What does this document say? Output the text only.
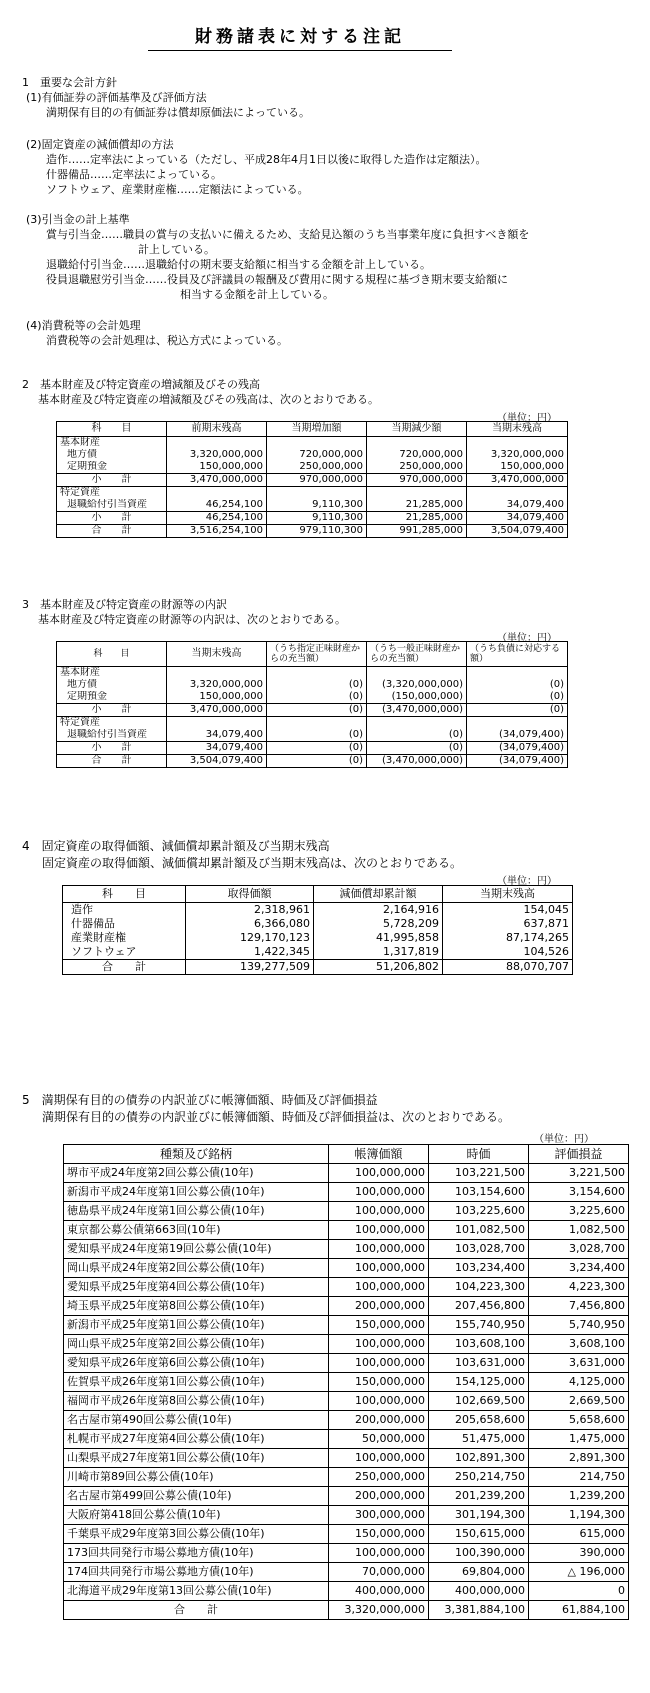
財務諸表に対する注記
1　重要な会計方針
(1)有価証券の評価基準及び評価方法
満期保有目的の有価証券は償却原価法によっている。
(2)固定資産の減価償却の方法
造作……定率法によっている（ただし、平成28年4月1日以後に取得した造作は定額法）。
什器備品……定率法によっている。
ソフトウェア、産業財産権……定額法によっている。
(3)引当金の計上基準
賞与引当金……職員の賞与の支払いに備えるため、支給見込額のうち当事業年度に負担すべき額を
計上している。
退職給付引当金……退職給付の期末要支給額に相当する金額を計上している。
役員退職慰労引当金……役員及び評議員の報酬及び費用に関する規程に基づき期末要支給額に
相当する金額を計上している。
(4)消費税等の会計処理
消費税等の会計処理は、税込方式によっている。
2　基本財産及び特定資産の増減額及びその残高
基本財産及び特定資産の増減額及びその残高は、次のとおりである。
（単位：円）
科　　目	前期末残高	当期増加額	当期減少額	当期末残高
基本財産				
地方債	3,320,000,000	720,000,000	720,000,000	3,320,000,000
定期預金	150,000,000	250,000,000	250,000,000	150,000,000
小　　計	3,470,000,000	970,000,000	970,000,000	3,470,000,000
特定資産				
退職給付引当資産	46,254,100	9,110,300	21,285,000	34,079,400
小　　計	46,254,100	9,110,300	21,285,000	34,079,400
合　　計	3,516,254,100	979,110,300	991,285,000	3,504,079,400
3　基本財産及び特定資産の財源等の内訳
基本財産及び特定資産の財源等の内訳は、次のとおりである。
（単位：円）
科　　目	当期末残高	（うち指定正味財産からの充当額）	（うち一般正味財産からの充当額）	（うち負債に対応する額）
基本財産				
地方債	3,320,000,000	(0)	(3,320,000,000)	(0)
定期預金	150,000,000	(0)	(150,000,000)	(0)
小　　計	3,470,000,000	(0)	(3,470,000,000)	(0)
特定資産				
退職給付引当資産	34,079,400	(0)	(0)	(34,079,400)
小　　計	34,079,400	(0)	(0)	(34,079,400)
合　　計	3,504,079,400	(0)	(3,470,000,000)	(34,079,400)
4　固定資産の取得価額、減価償却累計額及び当期末残高
固定資産の取得価額、減価償却累計額及び当期末残高は、次のとおりである。
（単位：円）
科　　目	取得価額	減価償却累計額	当期末残高
造作	2,318,961	2,164,916	154,045
什器備品	6,366,080	5,728,209	637,871
産業財産権	129,170,123	41,995,858	87,174,265
ソフトウェア	1,422,345	1,317,819	104,526
合　　計	139,277,509	51,206,802	88,070,707
5　満期保有目的の債券の内訳並びに帳簿価額、時価及び評価損益
満期保有目的の債券の内訳並びに帳簿価額、時価及び評価損益は、次のとおりである。
（単位：円）
種類及び銘柄	帳簿価額	時価	評価損益
堺市平成24年度第2回公募公債(10年)	100,000,000	103,221,500	3,221,500
新潟市平成24年度第1回公募公債(10年)	100,000,000	103,154,600	3,154,600
徳島県平成24年度第1回公募公債(10年)	100,000,000	103,225,600	3,225,600
東京都公募公債第663回(10年)	100,000,000	101,082,500	1,082,500
愛知県平成24年度第19回公募公債(10年)	100,000,000	103,028,700	3,028,700
岡山県平成24年度第2回公募公債(10年)	100,000,000	103,234,400	3,234,400
愛知県平成25年度第4回公募公債(10年)	100,000,000	104,223,300	4,223,300
埼玉県平成25年度第8回公募公債(10年)	200,000,000	207,456,800	7,456,800
新潟市平成25年度第1回公募公債(10年)	150,000,000	155,740,950	5,740,950
岡山県平成25年度第2回公募公債(10年)	100,000,000	103,608,100	3,608,100
愛知県平成26年度第6回公募公債(10年)	100,000,000	103,631,000	3,631,000
佐賀県平成26年度第1回公募公債(10年)	150,000,000	154,125,000	4,125,000
福岡市平成26年度第8回公募公債(10年)	100,000,000	102,669,500	2,669,500
名古屋市第490回公募公債(10年)	200,000,000	205,658,600	5,658,600
札幌市平成27年度第4回公募公債(10年)	50,000,000	51,475,000	1,475,000
山梨県平成27年度第1回公募公債(10年)	100,000,000	102,891,300	2,891,300
川崎市第89回公募公債(10年)	250,000,000	250,214,750	214,750
名古屋市第499回公募公債(10年)	200,000,000	201,239,200	1,239,200
大阪府第418回公募公債(10年)	300,000,000	301,194,300	1,194,300
千葉県平成29年度第3回公募公債(10年)	150,000,000	150,615,000	615,000
173回共同発行市場公募地方債(10年)	100,000,000	100,390,000	390,000
174回共同発行市場公募地方債(10年)	70,000,000	69,804,000	△ 196,000
北海道平成29年度第13回公募公債(10年)	400,000,000	400,000,000	0
合　　計	3,320,000,000	3,381,884,100	61,884,100
